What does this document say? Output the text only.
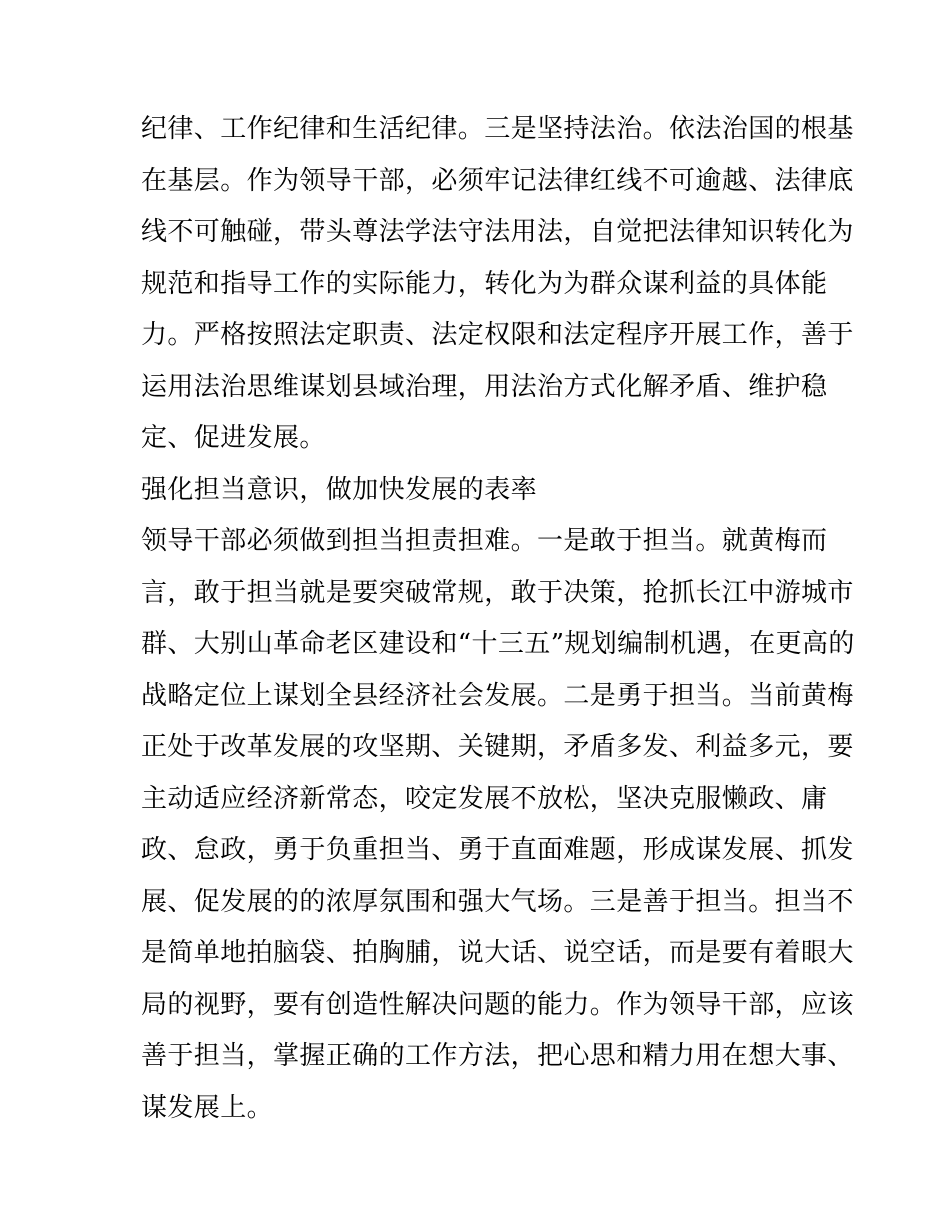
纪律、工作纪律和生活纪律。三是坚持法治。依法治国的根基
在基层。作为领导干部，必须牢记法律红线不可逾越、法律底
线不可触碰，带头尊法学法守法用法，自觉把法律知识转化为
规范和指导工作的实际能力，转化为为群众谋利益的具体能
力。严格按照法定职责、法定权限和法定程序开展工作，善于
运用法治思维谋划县域治理，用法治方式化解矛盾、维护稳
定、促进发展。
强化担当意识，做加快发展的表率
领导干部必须做到担当担责担难。一是敢于担当。就黄梅而
言，敢于担当就是要突破常规，敢于决策，抢抓长江中游城市
群、大别山革命老区建设和“十三五”规划编制机遇，在更高的
战略定位上谋划全县经济社会发展。二是勇于担当。当前黄梅
正处于改革发展的攻坚期、关键期，矛盾多发、利益多元，要
主动适应经济新常态，咬定发展不放松，坚决克服懒政、庸
政、怠政，勇于负重担当、勇于直面难题，形成谋发展、抓发
展、促发展的的浓厚氛围和强大气场。三是善于担当。担当不
是简单地拍脑袋、拍胸脯，说大话、说空话，而是要有着眼大
局的视野，要有创造性解决问题的能力。作为领导干部，应该
善于担当，掌握正确的工作方法，把心思和精力用在想大事、
谋发展上。
